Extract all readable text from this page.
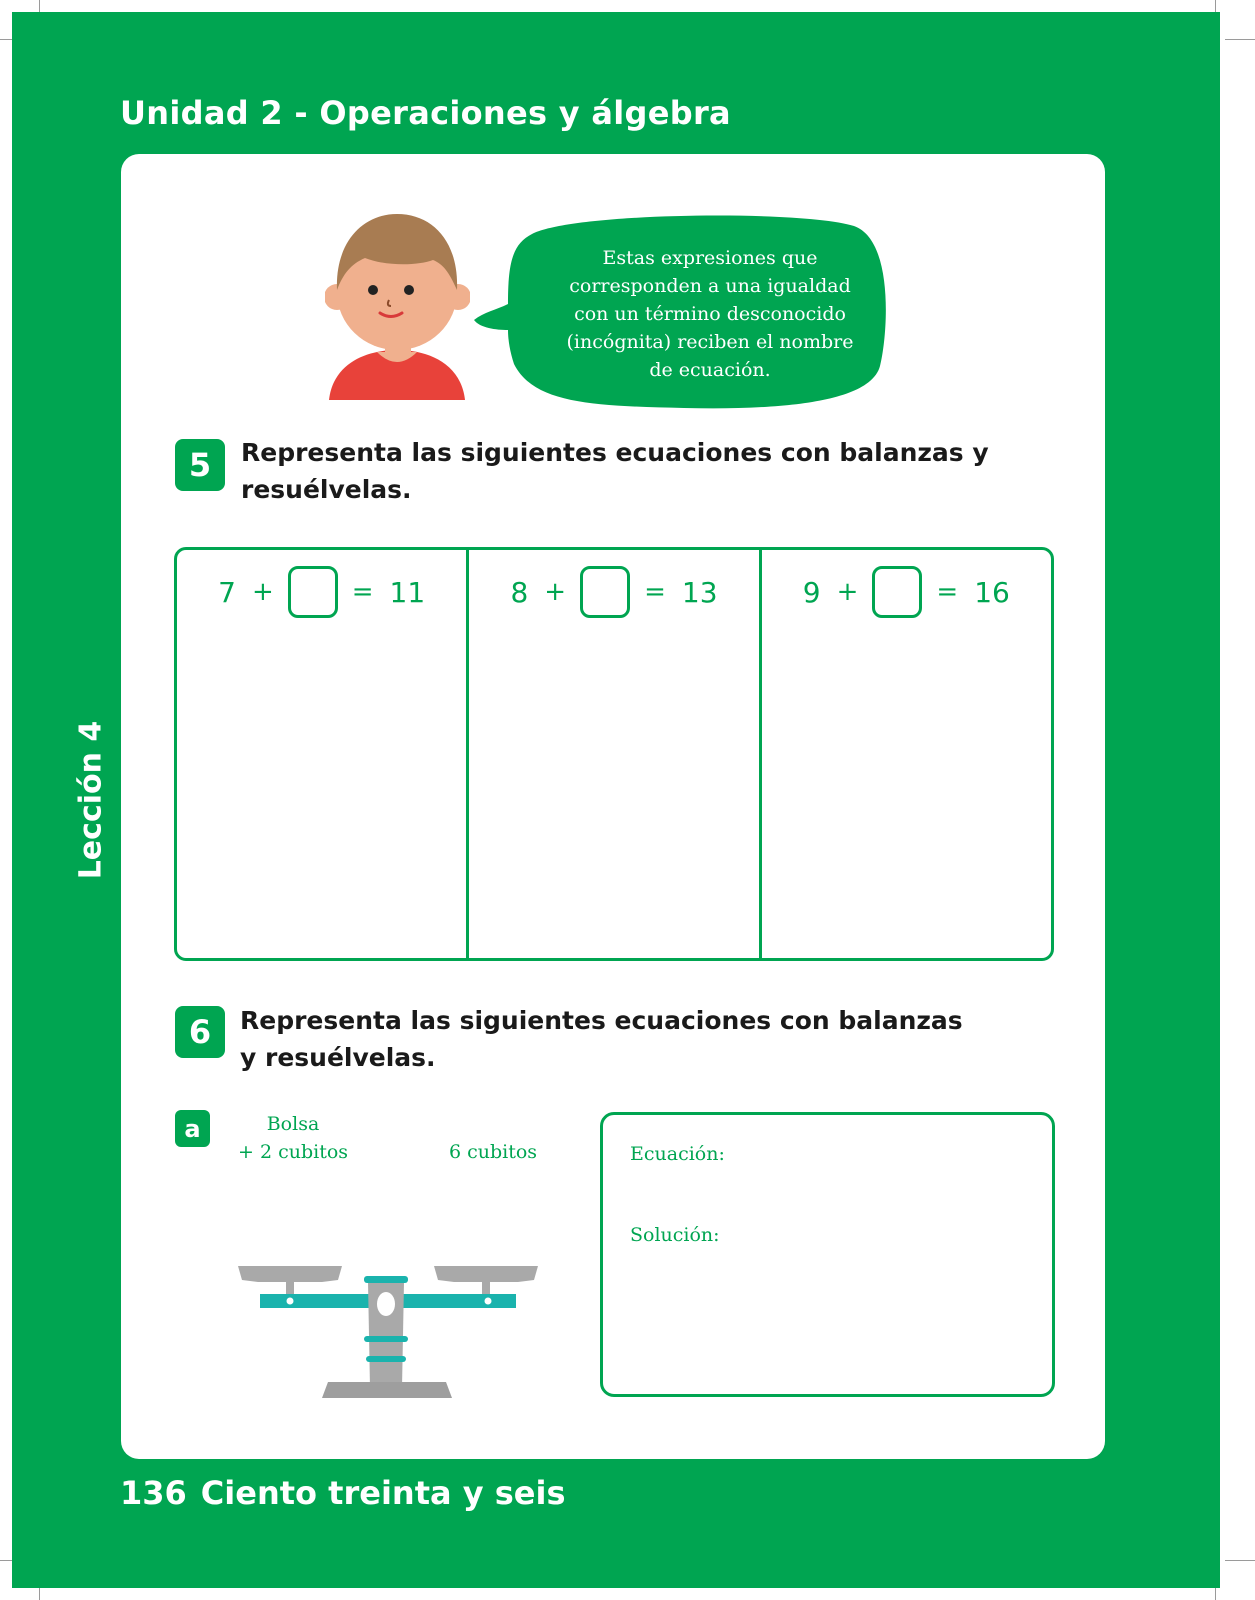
Unidad 2 - Operaciones y álgebra
Lección 4
Estas expresiones que
corresponden a una igualdad
con un término desconocido
(incógnita) reciben el nombre
de ecuación.
5	Representa las siguientes ecuaciones con balanzas y
resuélvelas.
7 +	= 11	8 +	= 13	9 +	= 16
6	Representa las siguientes ecuaciones con balanzas
y resuélvelas.
a	Bolsa
+ 2 cubitos	6 cubitos	Ecuación:
Solución:
136 Ciento treinta y seis
